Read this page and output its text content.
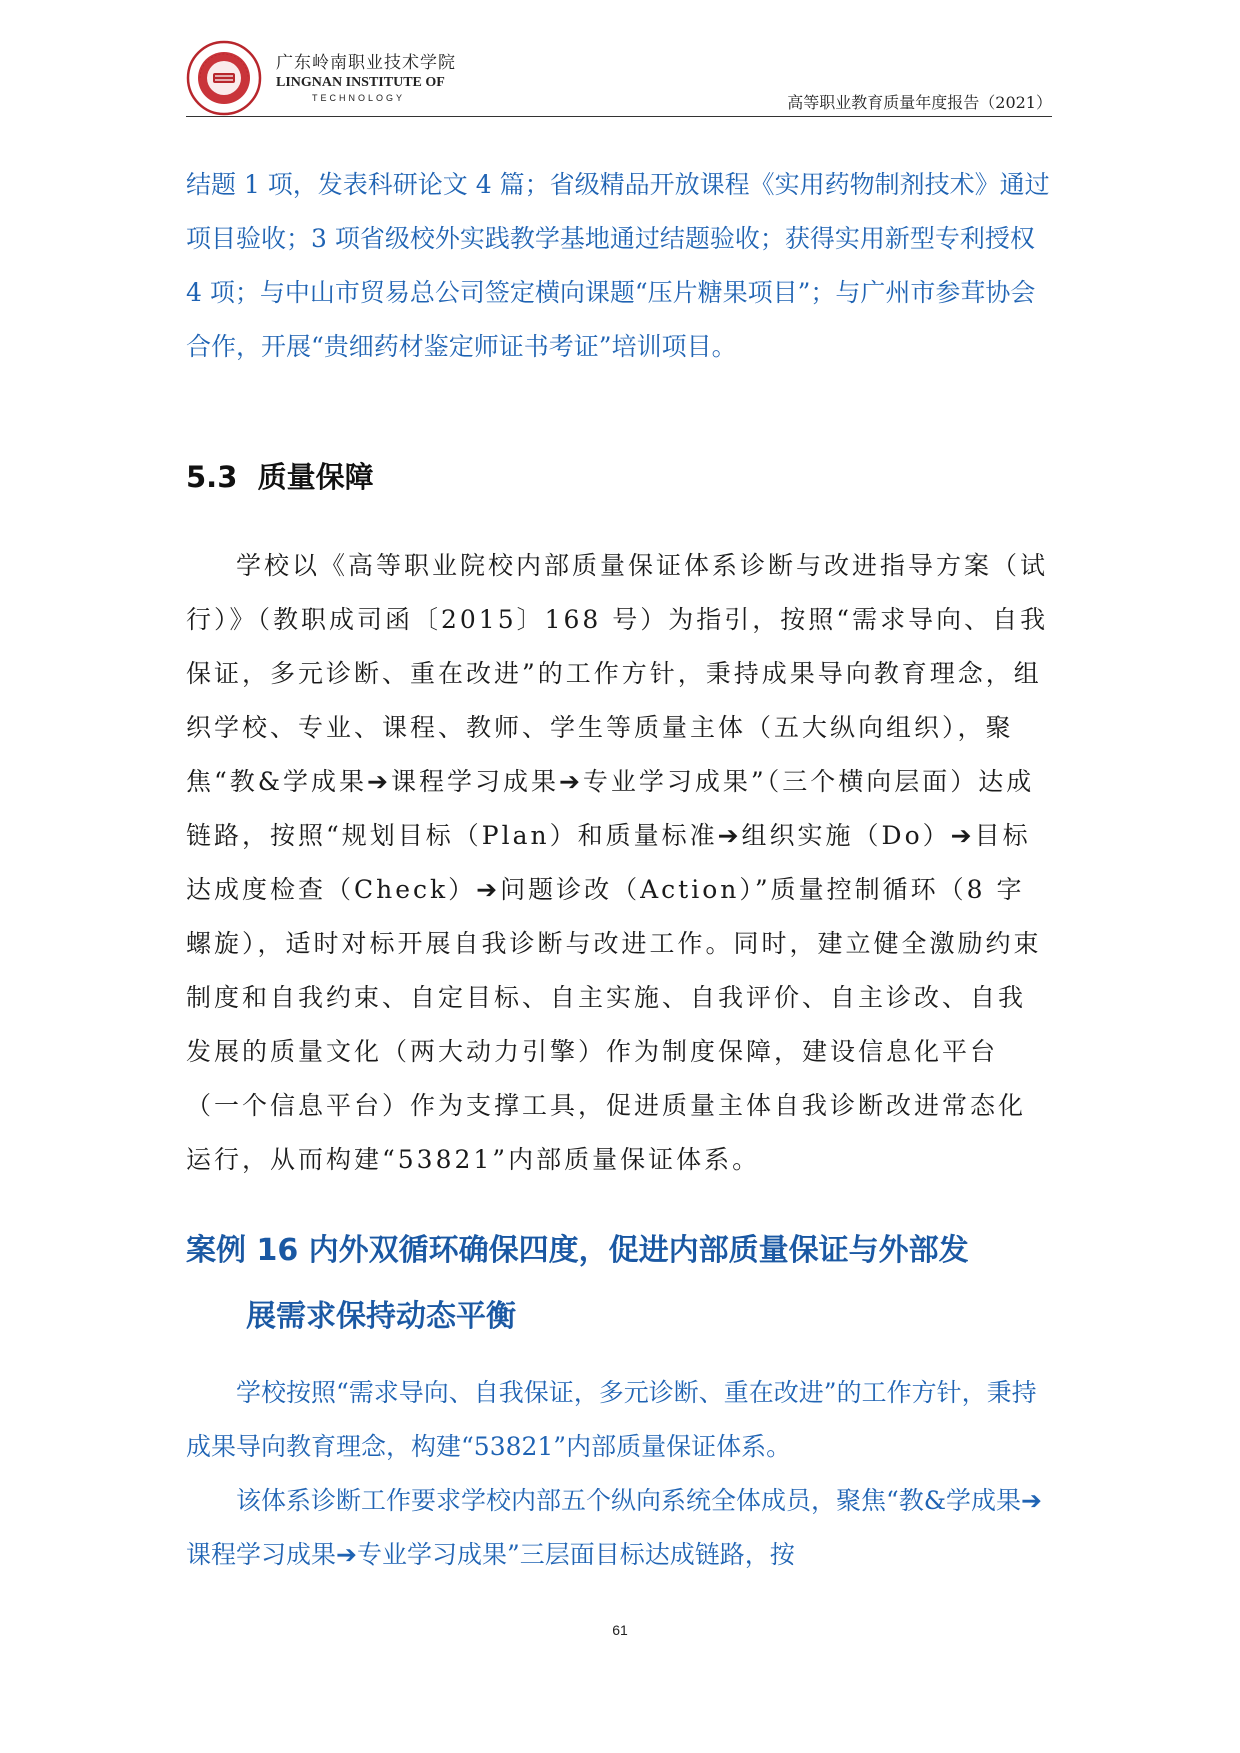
广东岭南职业技术学院
LINGNAN INSTITUTE OF
TECHNOLOGY	高等职业教育质量年度报告（2021）

结题 1 项，发表科研论文 4 篇；省级精品开放课程《实用药物制剂技术》通过项目验收；3 项省级校外实践教学基地通过结题验收；获得实用新型专利授权 4 项；与中山市贸易总公司签定横向课题“压片糖果项目”；与广州市参茸协会合作，开展“贵细药材鉴定师证书考证”培训项目。

5.3 质量保障

学校以《高等职业院校内部质量保证体系诊断与改进指导方案（试行）》（教职成司函〔2015〕168 号）为指引，按照“需求导向、自我保证，多元诊断、重在改进”的工作方针，秉持成果导向教育理念，组织学校、专业、课程、教师、学生等质量主体（五大纵向组织），聚焦“教&学成果➔课程学习成果➔专业学习成果”（三个横向层面）达成链路，按照“规划目标（Plan）和质量标准➔组织实施（Do）➔目标达成度检查（Check）➔问题诊改（Action）”质量控制循环（8 字螺旋），适时对标开展自我诊断与改进工作。同时，建立健全激励约束制度和自我约束、自定目标、自主实施、自我评价、自主诊改、自我发展的质量文化（两大动力引擎）作为制度保障，建设信息化平台（一个信息平台）作为支撑工具，促进质量主体自我诊断改进常态化运行，从而构建“53821”内部质量保证体系。

案例 16 内外双循环确保四度，促进内部质量保证与外部发
展需求保持动态平衡

学校按照“需求导向、自我保证，多元诊断、重在改进”的工作方针，秉持成果导向教育理念，构建“53821”内部质量保证体系。

该体系诊断工作要求学校内部五个纵向系统全体成员，聚焦“教&学成果➔课程学习成果➔专业学习成果”三层面目标达成链路，按

61
